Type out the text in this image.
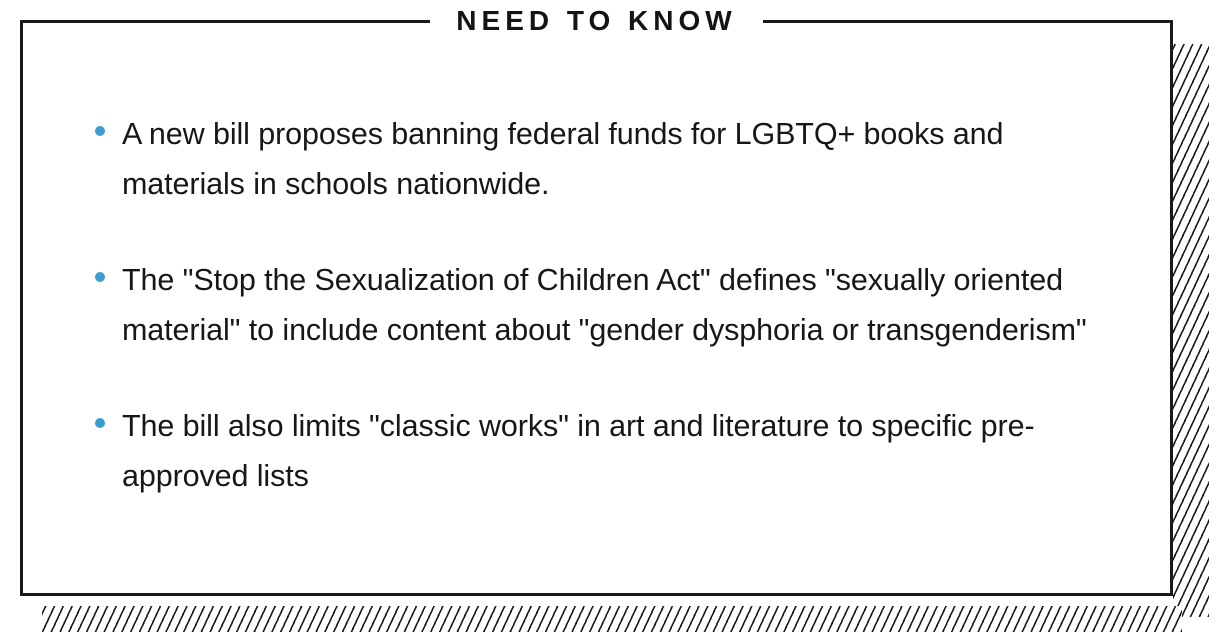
NEED TO KNOW
A new bill proposes banning federal funds for LGBTQ+ books and materials in schools nationwide.
The "Stop the Sexualization of Children Act" defines "sexually oriented material" to include content about "gender dysphoria or transgenderism"
The bill also limits "classic works" in art and literature to specific pre-approved lists
